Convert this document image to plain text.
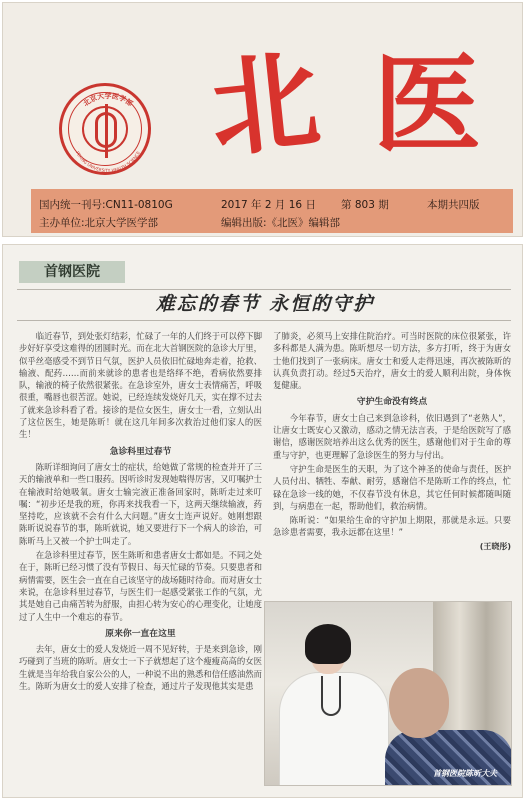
北京大学医学部
PEKING UNIVERSITY HEALTH SCIENCE 北 医
国内统一刊号:CN11-0810G	2017 年 2 月 16 日 第 803 期	本期共四版
主办单位:北京大学医学部	编辑出版:《北医》编辑部
首钢医院
难忘的春节 永恒的守护

临近春节，到处张灯结彩，忙碌了一年的人们终于可以停下脚步好好享受这难得的团圆时光。而在北大首钢医院的急诊大厅里，似乎丝毫感受不到节日气氛，医护人员依旧忙碌地奔走着，抢救、输液、配药……而前来就诊的患者也是络绎不绝，看病依然要排队，输液的椅子依然很紧张。在急诊室外，唐女士表情痛苦，呼吸很重，嘴唇也很苦涩。她说，已经连续发烧好几天，实在撑不过去了就来急诊科看了看。接诊的是位女医生，唐女士一看，立刻认出了这位医生，她是陈昕！就在这几年间多次救治过他们家人的医生！

急诊科里过春节

陈昕详细询问了唐女士的症状，给她做了常规的检查并开了三天的输液单和一些口服药。因听诊时发现她喘得厉害，又叮嘱护士在输液时给她吸氧。唐女士输完液正准备回家时，陈昕走过来叮嘱：“初步还是我的班，你再来找我看一下，这两天继续输液，药坚持吃，应该就不会有什么大问题。”唐女士连声说好。她刚想跟陈昕说说春节的事，陈昕就说，她又要进行下一个病人的诊治，可陈昕马上又被一个护士叫走了。

在急诊科里过春节，医生陈昕和患者唐女士都如是。不同之处在于，陈昕已经习惯了没有节假日、每天忙碌的节奏。只要患者和病情需要，医生会一直在自己该坚守的战场随时待命。而对唐女士来说，在急诊科里过春节，与医生们一起感受紧张工作的气氛，尤其是她自己由痛苦转为舒服，由担心转为安心的心理变化，让她度过了人生中一个难忘的春节。

原来你一直在这里

去年，唐女士的爱人发烧近一周不见好转，于是来到急诊，刚巧碰到了当班的陈昕。唐女士一下子就想起了这个瘦瘦高高的女医生就是当年给我自家公公的人，一种说不出的熟悉和信任感油然而生。陈昕为唐女士的爱人安排了检查，通过片子发现他其实是患

了肺炎，必须马上安排住院治疗。可当时医院的床位很紧张，许多科都是人满为患。陈昕想尽一切方法，多方打听，终于为唐女士他们找到了一张病床。唐女士和爱人走得迅速，再次被陈昕的认真负责打动。经过5天治疗，唐女士的爱人顺利出院，身体恢复健康。

守护生命没有终点

今年春节，唐女士自己来到急诊科，依旧遇到了“老熟人”，让唐女士既安心又激动，感动之情无法言表，于是给医院写了感谢信，感谢医院培养出这么优秀的医生，感谢他们对于生命的尊重与守护，也更理解了急诊医生的努力与付出。

守护生命是医生的天职，为了这个神圣的使命与责任，医护人员付出、牺牲、奉献、耐劳，感谢信不是陈昕工作的终点，忙碌在急诊一线的她，不仅春节没有休息，其它任何时候都随叫随到，与病患在一起，帮助他们，救治病情。

陈昕说：“如果给生命的守护加上期限，那就是永远。只要急诊患者需要，我永远都在这里！”

(王晓彤)

首钢医院陈昕大夫
